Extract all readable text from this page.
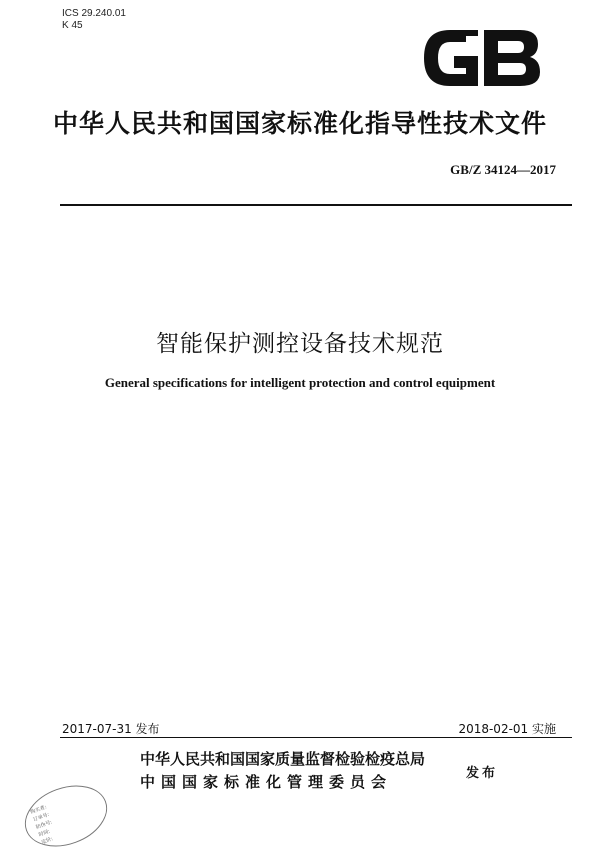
ICS 29.240.01
K 45
中华人民共和国国家标准化指导性技术文件
GB/Z 34124—2017
智能保护测控设备技术规范
General specifications for intelligent protection and control equipment
2017-07-31 发布	2018-02-01 实施
中华人民共和国国家质量监督检验检疫总局
中国国家标准化管理委员会	发布
购买者:
订单号:
防伪号:
时间:
定价:
